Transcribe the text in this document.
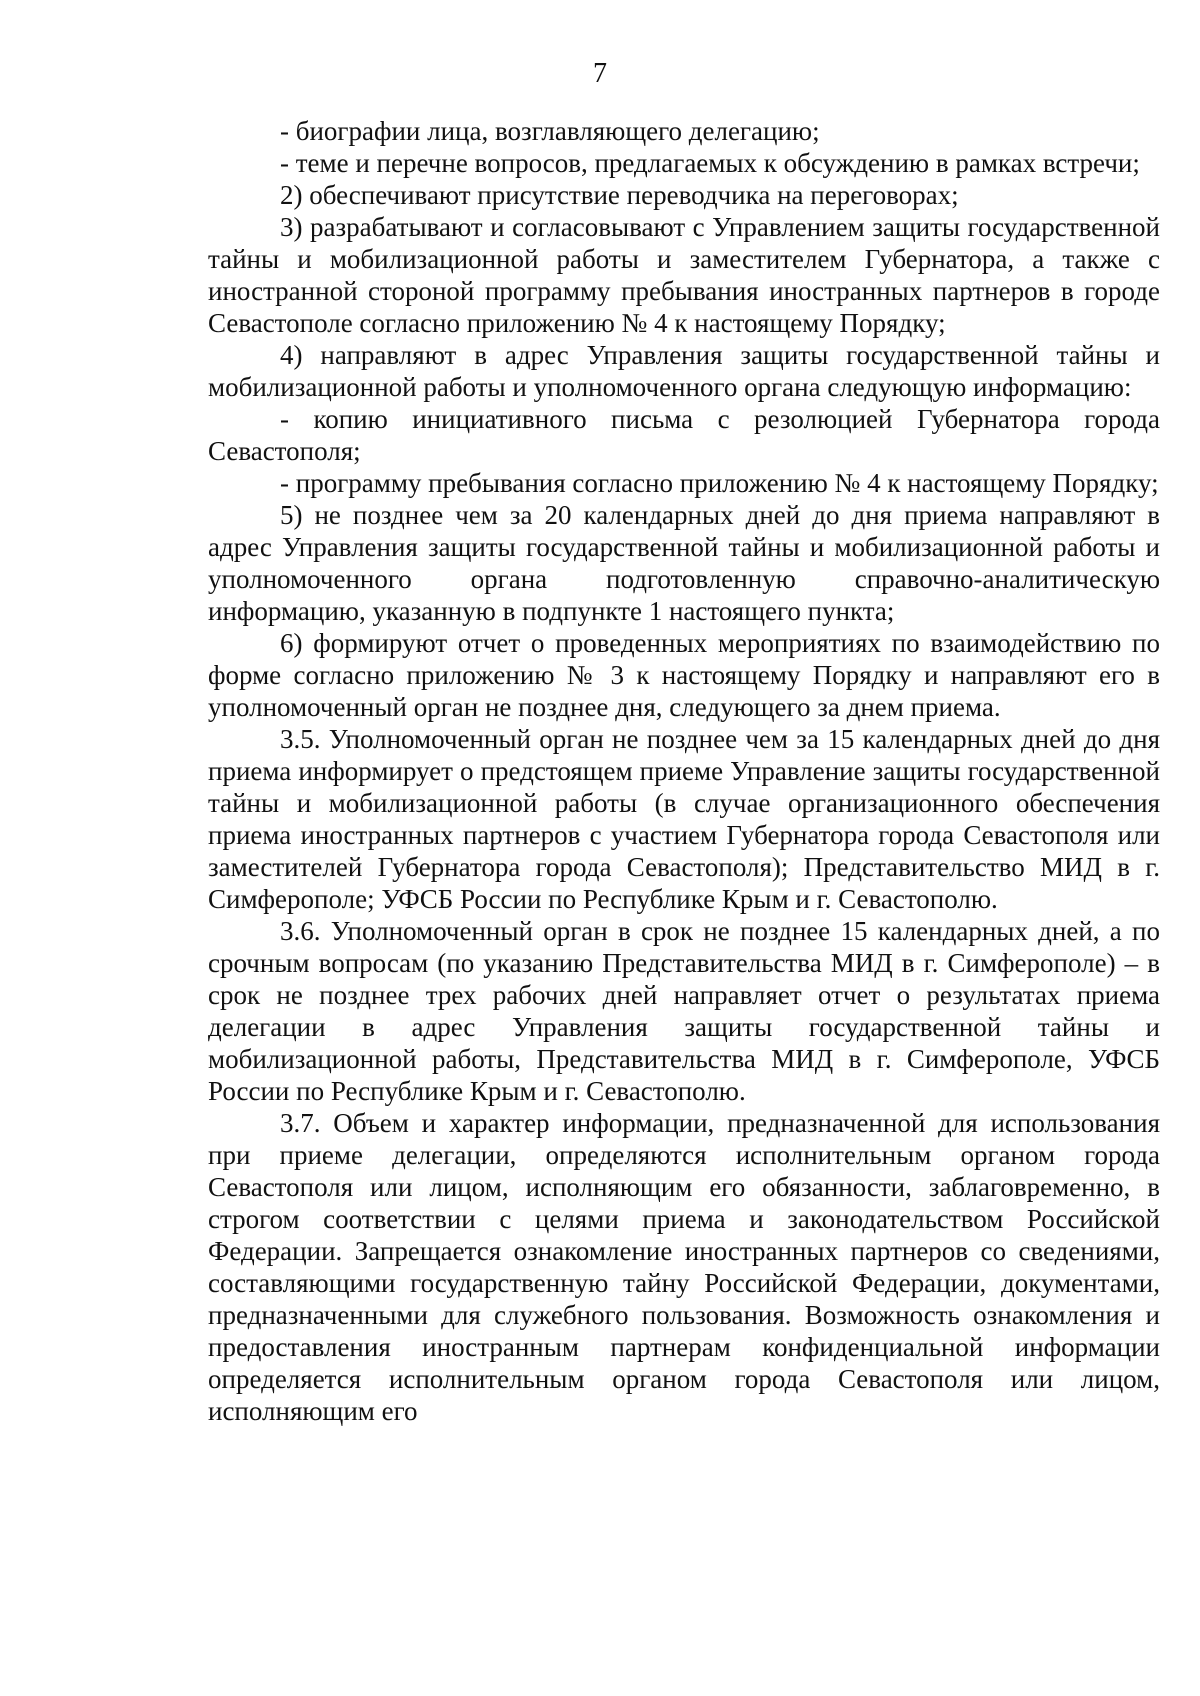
7

- биографии лица, возглавляющего делегацию;

- теме и перечне вопросов, предлагаемых к обсуждению в рамках встречи;

2) обеспечивают присутствие переводчика на переговорах;

3) разрабатывают и согласовывают с Управлением защиты государственной тайны и мобилизационной работы и заместителем Губернатора, а также с иностранной стороной программу пребывания иностранных партнеров в городе Севастополе согласно приложению № 4 к настоящему Порядку;

4) направляют в адрес Управления защиты государственной тайны и мобилизационной работы и уполномоченного органа следующую информацию:

- копию инициативного письма с резолюцией Губернатора города Севастополя;

- программу пребывания согласно приложению № 4 к настоящему Порядку;

5) не позднее чем за 20 календарных дней до дня приема направляют в адрес Управления защиты государственной тайны и мобилизационной работы и уполномоченного органа подготовленную справочно-аналитическую информацию, указанную в подпункте 1 настоящего пункта;

6) формируют отчет о проведенных мероприятиях по взаимодействию по форме согласно приложению № 3 к настоящему Порядку и направляют его в уполномоченный орган не позднее дня, следующего за днем приема.

3.5. Уполномоченный орган не позднее чем за 15 календарных дней до дня приема информирует о предстоящем приеме Управление защиты государственной тайны и мобилизационной работы (в случае организационного обеспечения приема иностранных партнеров с участием Губернатора города Севастополя или заместителей Губернатора города Севастополя); Представительство МИД в г. Симферополе; УФСБ России по Республике Крым и г. Севастополю.

3.6. Уполномоченный орган в срок не позднее 15 календарных дней, а по срочным вопросам (по указанию Представительства МИД в г. Симферополе) – в срок не позднее трех рабочих дней направляет отчет о результатах приема делегации в адрес Управления защиты государственной тайны и мобилизационной работы, Представительства МИД в г. Симферополе, УФСБ России по Республике Крым и г. Севастополю.

3.7. Объем и характер информации, предназначенной для использования при приеме делегации, определяются исполнительным органом города Севастополя или лицом, исполняющим его обязанности, заблаговременно, в строгом соответствии с целями приема и законодательством Российской Федерации. Запрещается ознакомление иностранных партнеров со сведениями, составляющими государственную тайну Российской Федерации, документами, предназначенными для служебного пользования. Возможность ознакомления и предоставления иностранным партнерам конфиденциальной информации определяется исполнительным органом города Севастополя или лицом, исполняющим его
